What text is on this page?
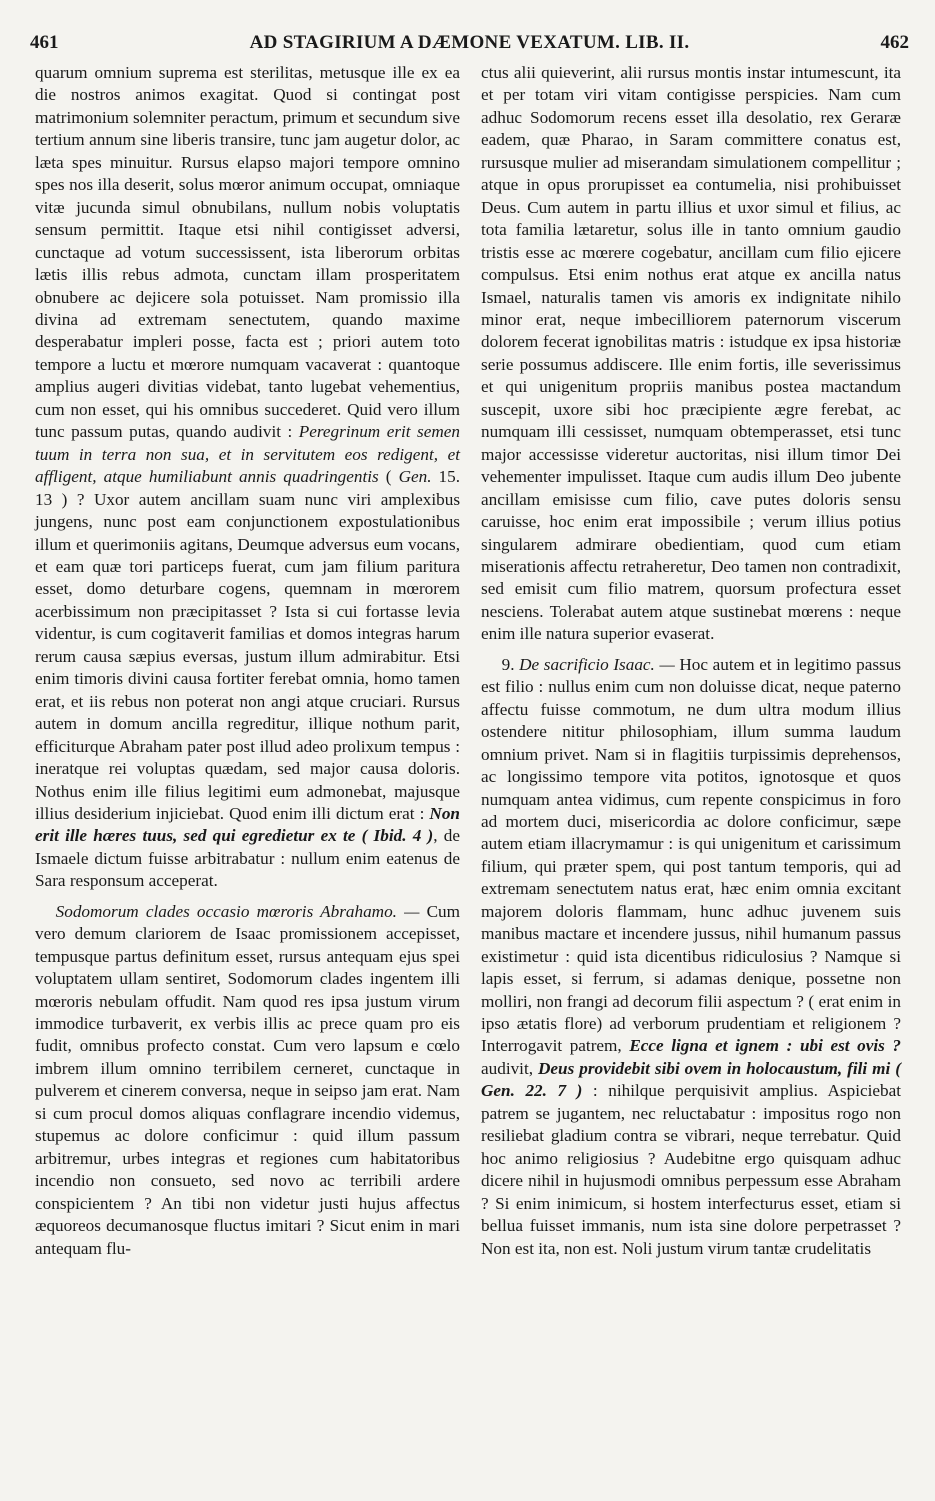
461	AD STAGIRIUM A DÆMONE VEXATUM. LIB. II.	462

quarum omnium suprema est sterilitas, metusque ille ex ea die nostros animos exagitat. Quod si contingat post matrimonium solemniter peractum, primum et secundum sive tertium annum sine liberis transire, tunc jam augetur dolor, ac læta spes minuitur. Rursus elapso majori tempore omnino spes nos illa deserit, solus mœror animum occupat, omniaque vitæ jucunda simul obnubilans, nullum nobis voluptatis sensum permittit. Itaque etsi nihil contigisset adversi, cunctaque ad votum successissent, ista liberorum orbitas lætis illis rebus admota, cunctam illam prosperitatem obnubere ac dejicere sola potuisset. Nam promissio illa divina ad extremam senectutem, quando maxime desperabatur impleri posse, facta est ; priori autem toto tempore a luctu et mœrore numquam vacaverat : quantoque amplius augeri divitias videbat, tanto lugebat vehementius, cum non esset, qui his omnibus succederet. Quid vero illum tunc passum putas, quando audivit : Peregrinum erit semen tuum in terra non sua, et in servitutem eos redigent, et affligent, atque humiliabunt annis quadringentis ( Gen. 15. 13 ) ? Uxor autem ancillam suam nunc viri amplexibus jungens, nunc post eam conjunctionem expostulationibus illum et querimoniis agitans, Deumque adversus eum vocans, et eam quæ tori particeps fuerat, cum jam filium paritura esset, domo deturbare cogens, quemnam in mœrorem acerbissimum non præcipitasset ? Ista si cui fortasse levia videntur, is cum cogitaverit familias et domos integras harum rerum causa sæpius eversas, justum illum admirabitur. Etsi enim timoris divini causa fortiter ferebat omnia, homo tamen erat, et iis rebus non poterat non angi atque cruciari. Rursus autem in domum ancilla regreditur, illique nothum parit, efficiturque Abraham pater post illud adeo prolixum tempus : ineratque rei voluptas quædam, sed major causa doloris. Nothus enim ille filius legitimi eum admonebat, majusque illius desiderium injiciebat. Quod enim illi dictum erat : Non erit ille hæres tuus, sed qui egredietur ex te ( Ibid. 4 ), de Ismaele dictum fuisse arbitrabatur : nullum enim eatenus de Sara responsum acceperat.

Sodomorum clades occasio mœroris Abrahamo. — Cum vero demum clariorem de Isaac promissionem accepisset, tempusque partus definitum esset, rursus antequam ejus spei voluptatem ullam sentiret, Sodomorum clades ingentem illi mœroris nebulam offudit. Nam quod res ipsa justum virum immodice turbaverit, ex verbis illis ac prece quam pro eis fudit, omnibus profecto constat. Cum vero lapsum e cœlo imbrem illum omnino terribilem cerneret, cunctaque in pulverem et cinerem conversa, neque in seipso jam erat. Nam si cum procul domos aliquas conflagrare incendio videmus, stupemus ac dolore conficimur : quid illum passum arbitremur, urbes integras et regiones cum habitatoribus incendio non consueto, sed novo ac terribili ardere conspicientem ? An tibi non videtur justi hujus affectus æquoreos decumanosque fluctus imitari ? Sicut enim in mari antequam flu-

ctus alii quieverint, alii rursus montis instar intumescunt, ita et per totam viri vitam contigisse perspicies. Nam cum adhuc Sodomorum recens esset illa desolatio, rex Geraræ eadem, quæ Pharao, in Saram committere conatus est, rursusque mulier ad miserandam simulationem compellitur ; atque in opus prorupisset ea contumelia, nisi prohibuisset Deus. Cum autem in partu illius et uxor simul et filius, ac tota familia lætaretur, solus ille in tanto omnium gaudio tristis esse ac mœrere cogebatur, ancillam cum filio ejicere compulsus. Etsi enim nothus erat atque ex ancilla natus Ismael, naturalis tamen vis amoris ex indignitate nihilo minor erat, neque imbecilliorem paternorum viscerum dolorem fecerat ignobilitas matris : istudque ex ipsa historiæ serie possumus addiscere. Ille enim fortis, ille severissimus et qui unigenitum propriis manibus postea mactandum suscepit, uxore sibi hoc præcipiente ægre ferebat, ac numquam illi cessisset, numquam obtemperasset, etsi tunc major accessisse videretur auctoritas, nisi illum timor Dei vehementer impulisset. Itaque cum audis illum Deo jubente ancillam emisisse cum filio, cave putes doloris sensu caruisse, hoc enim erat impossibile ; verum illius potius singularem admirare obedientiam, quod cum etiam miserationis affectu retraheretur, Deo tamen non contradixit, sed emisit cum filio matrem, quorsum profectura esset nesciens. Tolerabat autem atque sustinebat mœrens : neque enim ille natura superior evaserat.

9. De sacrificio Isaac. — Hoc autem et in legitimo passus est filio : nullus enim cum non doluisse dicat, neque paterno affectu fuisse commotum, ne dum ultra modum illius ostendere nititur philosophiam, illum summa laudum omnium privet. Nam si in flagitiis turpissimis deprehensos, ac longissimo tempore vita potitos, ignotosque et quos numquam antea vidimus, cum repente conspicimus in foro ad mortem duci, misericordia ac dolore conficimur, sæpe autem etiam illacrymamur : is qui unigenitum et carissimum filium, qui præter spem, qui post tantum temporis, qui ad extremam senectutem natus erat, hæc enim omnia excitant majorem doloris flammam, hunc adhuc juvenem suis manibus mactare et incendere jussus, nihil humanum passus existimetur : quid ista dicentibus ridiculosius ? Namque si lapis esset, si ferrum, si adamas denique, possetne non molliri, non frangi ad decorum filii aspectum ? ( erat enim in ipso ætatis flore) ad verborum prudentiam et religionem ? Interrogavit patrem, Ecce ligna et ignem : ubi est ovis ? audivit, Deus providebit sibi ovem in holocaustum, fili mi ( Gen. 22. 7 ) : nihilque perquisivit amplius. Aspiciebat patrem se jugantem, nec reluctabatur : impositus rogo non resiliebat gladium contra se vibrari, neque terrebatur. Quid hoc animo religiosius ? Audebitne ergo quisquam adhuc dicere nihil in hujusmodi omnibus perpessum esse Abraham ? Si enim inimicum, si hostem interfecturus esset, etiam si bellua fuisset immanis, num ista sine dolore perpetrasset ? Non est ita, non est. Noli justum virum tantæ crudelitatis
